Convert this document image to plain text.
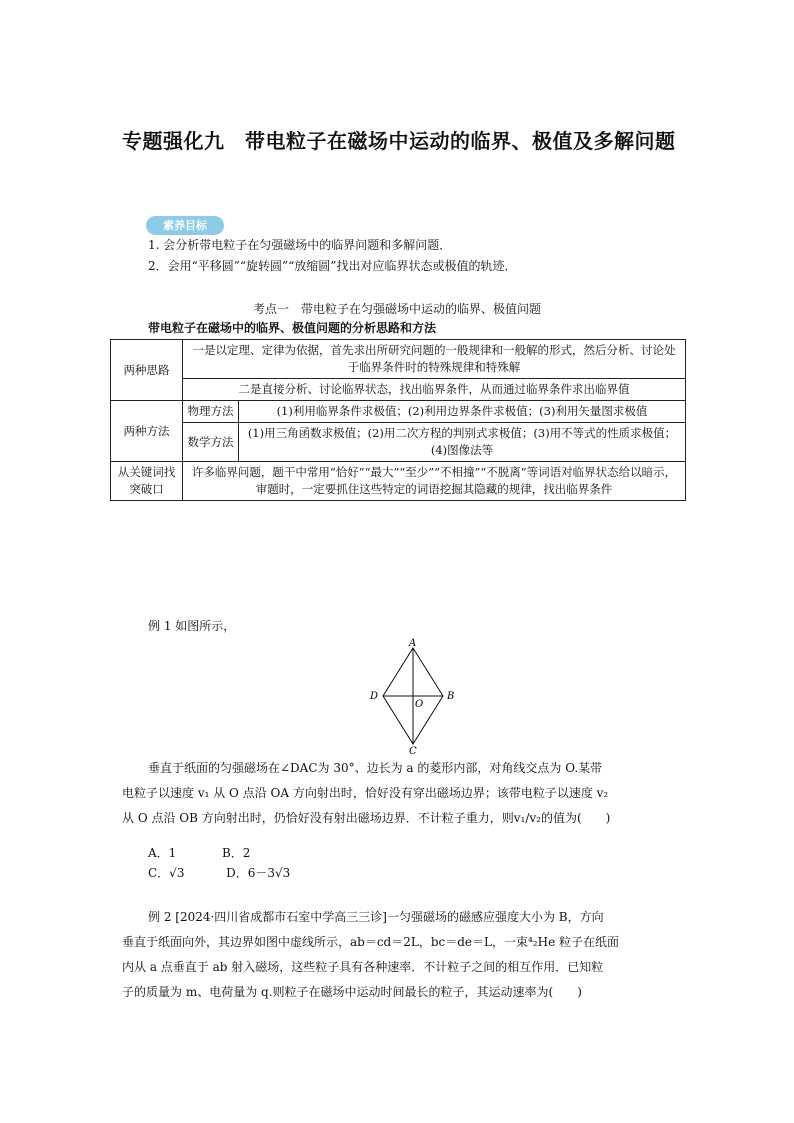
专题强化九　带电粒子在磁场中运动的临界、极值及多解问题
素养目标
1. 会分析带电粒子在匀强磁场中的临界问题和多解问题．
2．会用“平移圆”“旋转圆”“放缩圆”找出对应临界状态或极值的轨迹．
考点一　带电粒子在匀强磁场中运动的临界、极值问题
带电粒子在磁场中的临界、极值问题的分析思路和方法
两种思路	一是以定理、定律为依据，首先求出所研究问题的一般规律和一般解的形式，然后分析、讨论处于临界条件时的特殊规律和特殊解	
	二是直接分析、讨论临界状态，找出临界条件，从而通过临界条件求出临界值	
两种方法	物理方法	(1)利用临界条件求极值；(2)利用边界条件求极值；(3)利用矢量图求极值
	数学方法	(1)用三角函数求极值；(2)用二次方程的判别式求极值；(3)用不等式的性质求极值；(4)图像法等
从关键词找突破口	许多临界问题，题干中常用“恰好”“最大”“至少”“不相撞”“不脱离”等词语对临界状态给以暗示，审题时，一定要抓住这些特定的词语挖掘其隐藏的规律，找出临界条件	
例 1 如图所示，
A
B
C
D
O
垂直于纸面的匀强磁场在∠DAC为 30°、边长为 a 的菱形内部，对角线交点为 O.某带
电粒子以速度 v₁ 从 O 点沿 OA 方向射出时，恰好没有穿出磁场边界；该带电粒子以速度 v₂
从 O 点沿 OB 方向射出时，仍恰好没有射出磁场边界．不计粒子重力，则v₁/v₂的值为(　　)
A．1	B．2
C．√3	D．6－3√3
例 2 [2024·四川省成都市石室中学高三三诊]一匀强磁场的磁感应强度大小为 B，方向
垂直于纸面向外，其边界如图中虚线所示，ab＝cd＝2L，bc＝de＝L，一束⁴₂He 粒子在纸面
内从 a 点垂直于 ab 射入磁场，这些粒子具有各种速率．不计粒子之间的相互作用．已知粒
子的质量为 m、电荷量为 q.则粒子在磁场中运动时间最长的粒子，其运动速率为(　　)
